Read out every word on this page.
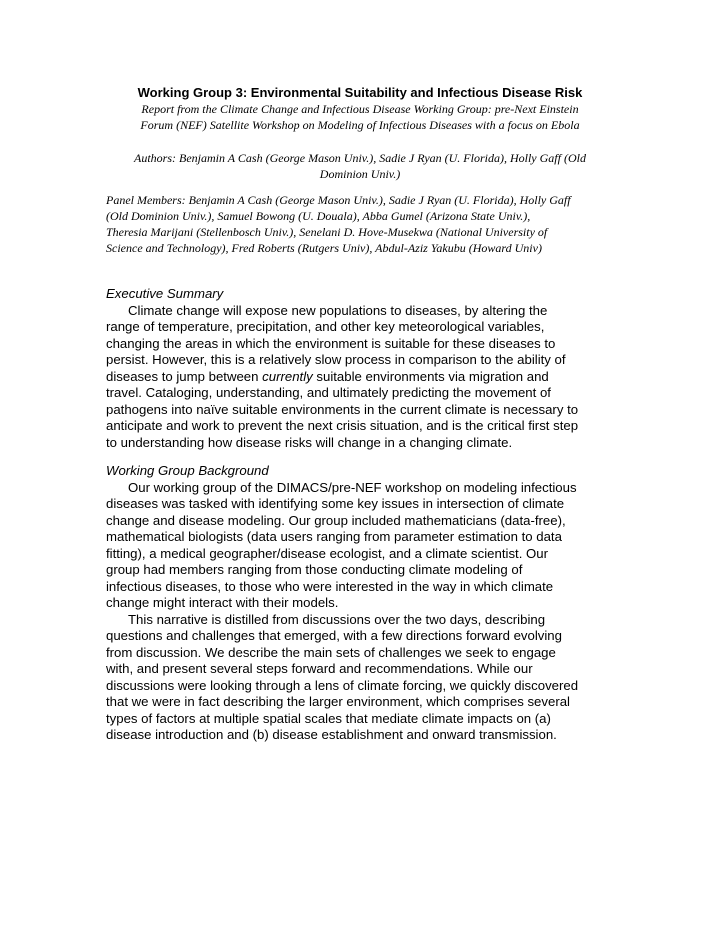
Working Group 3: Environmental Suitability and Infectious Disease Risk
Report from the Climate Change and Infectious Disease Working Group: pre-Next Einstein
Forum (NEF) Satellite Workshop on Modeling of Infectious Diseases with a focus on Ebola
Authors: Benjamin A Cash (George Mason Univ.), Sadie J Ryan (U. Florida), Holly Gaff (Old
Dominion Univ.)
Panel Members: Benjamin A Cash (George Mason Univ.), Sadie J Ryan (U. Florida), Holly Gaff
(Old Dominion Univ.), Samuel Bowong (U. Douala), Abba Gumel (Arizona State Univ.),
Theresia Marijani (Stellenbosch Univ.), Senelani D. Hove-Musekwa (National University of
Science and Technology), Fred Roberts (Rutgers Univ), Abdul-Aziz Yakubu (Howard Univ)
Executive Summary
Climate change will expose new populations to diseases, by altering the
range of temperature, precipitation, and other key meteorological variables,
changing the areas in which the environment is suitable for these diseases to
persist. However, this is a relatively slow process in comparison to the ability of
diseases to jump between currently suitable environments via migration and
travel. Cataloging, understanding, and ultimately predicting the movement of
pathogens into naïve suitable environments in the current climate is necessary to
anticipate and work to prevent the next crisis situation, and is the critical first step
to understanding how disease risks will change in a changing climate.
Working Group Background
Our working group of the DIMACS/pre-NEF workshop on modeling infectious
diseases was tasked with identifying some key issues in intersection of climate
change and disease modeling. Our group included mathematicians (data-free),
mathematical biologists (data users ranging from parameter estimation to data
fitting), a medical geographer/disease ecologist, and a climate scientist. Our
group had members ranging from those conducting climate modeling of
infectious diseases, to those who were interested in the way in which climate
change might interact with their models.
This narrative is distilled from discussions over the two days, describing
questions and challenges that emerged, with a few directions forward evolving
from discussion. We describe the main sets of challenges we seek to engage
with, and present several steps forward and recommendations. While our
discussions were looking through a lens of climate forcing, we quickly discovered
that we were in fact describing the larger environment, which comprises several
types of factors at multiple spatial scales that mediate climate impacts on (a)
disease introduction and (b) disease establishment and onward transmission.
